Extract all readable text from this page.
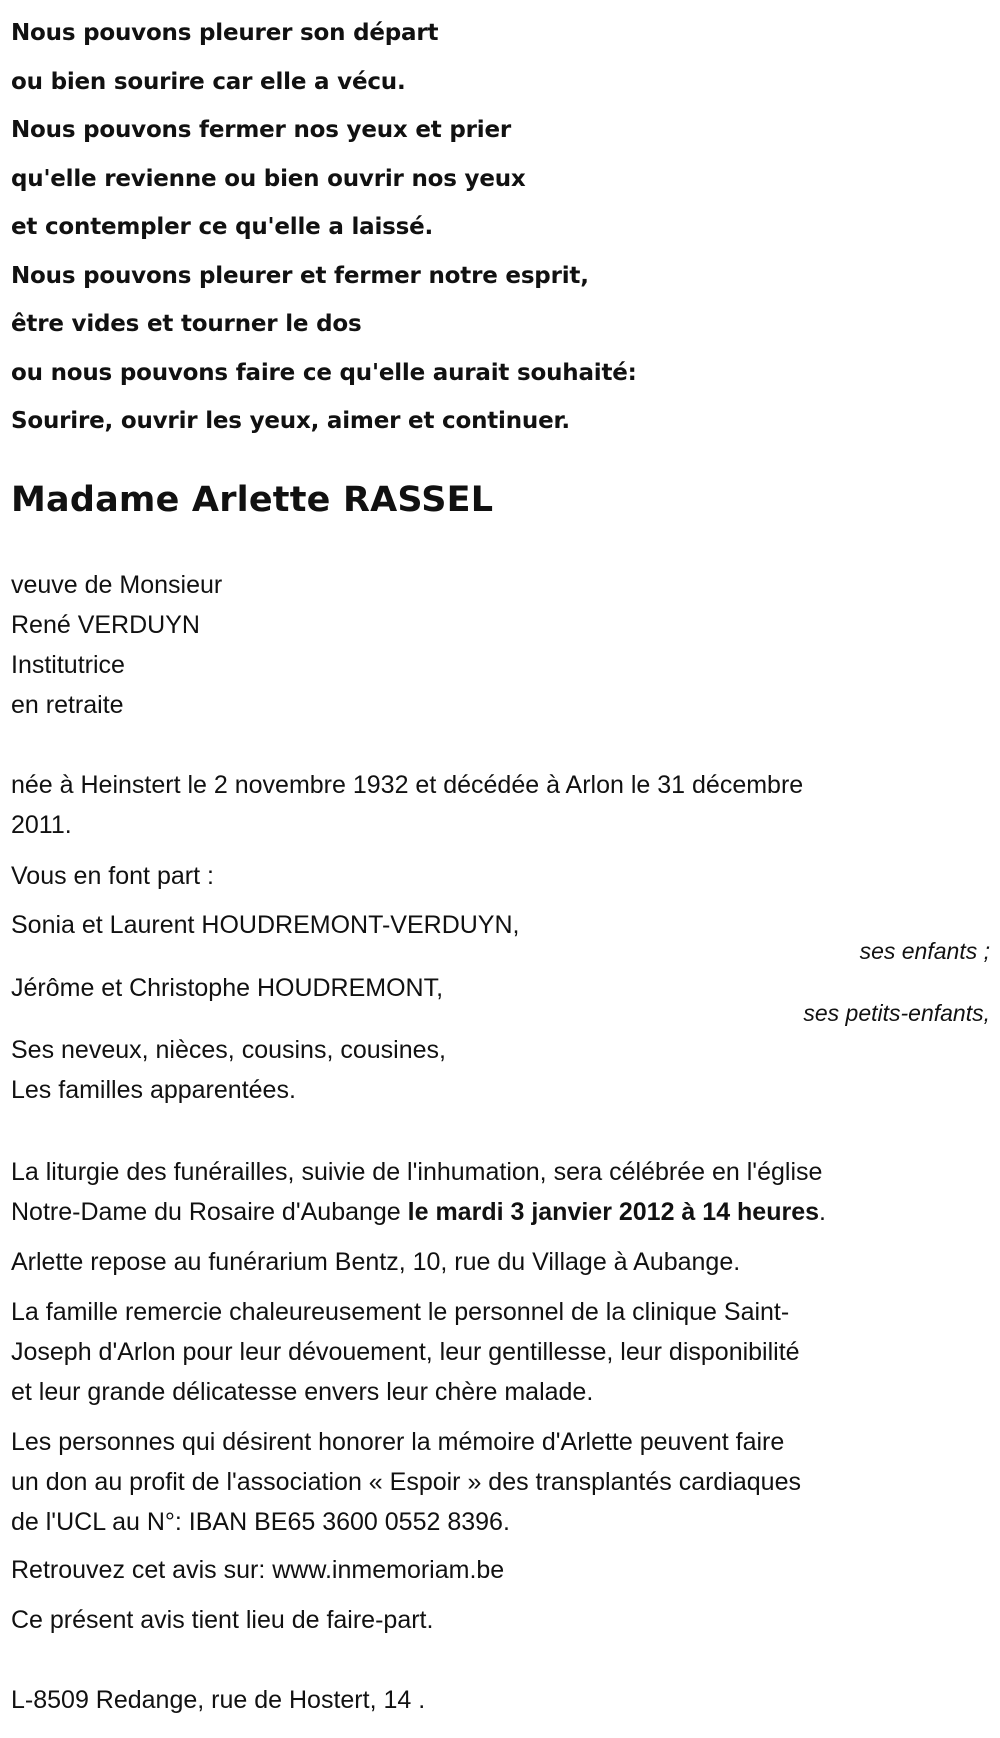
Nous pouvons pleurer son départ
ou bien sourire car elle a vécu.
Nous pouvons fermer nos yeux et prier
qu'elle revienne ou bien ouvrir nos yeux
et contempler ce qu'elle a laissé.
Nous pouvons pleurer et fermer notre esprit,
être vides et tourner le dos
ou nous pouvons faire ce qu'elle aurait souhaité:
Sourire, ouvrir les yeux, aimer et continuer.
Madame Arlette RASSEL
veuve de Monsieur
René VERDUYN
Institutrice
en retraite
née à Heinstert le 2 novembre 1932 et décédée à Arlon le 31 décembre
2011.
Vous en font part :
Sonia et Laurent HOUDREMONT-VERDUYN,
ses enfants ;
Jérôme et Christophe HOUDREMONT,
ses petits-enfants,
Ses neveux, nièces, cousins, cousines,
Les familles apparentées.
La liturgie des funérailles, suivie de l'inhumation, sera célébrée en l'église
Notre-Dame du Rosaire d'Aubange le mardi 3 janvier 2012 à 14 heures.
Arlette repose au funérarium Bentz, 10, rue du Village à Aubange.
La famille remercie chaleureusement le personnel de la clinique Saint-
Joseph d'Arlon pour leur dévouement, leur gentillesse, leur disponibilité
et leur grande délicatesse envers leur chère malade.
Les personnes qui désirent honorer la mémoire d'Arlette peuvent faire
un don au profit de l'association « Espoir » des transplantés cardiaques
de l'UCL au N°: IBAN BE65 3600 0552 8396.
Retrouvez cet avis sur: www.inmemoriam.be
Ce présent avis tient lieu de faire-part.
L-8509 Redange, rue de Hostert, 14 .
